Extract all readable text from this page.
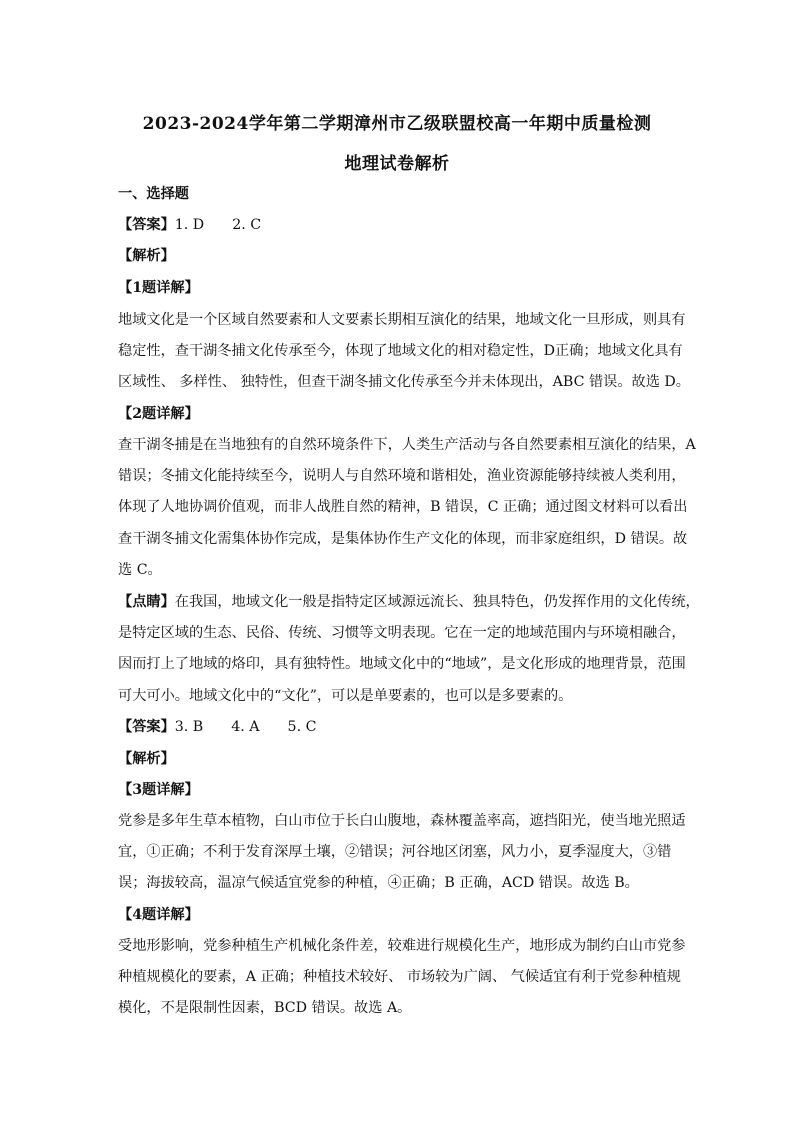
2023-2024学年第二学期漳州市乙级联盟校高一年期中质量检测
地理试卷解析
一、选择题
【答案】1. D 2. C
【解析】
【1题详解】
地域文化是一个区域自然要素和人文要素长期相互演化的结果，地域文化一旦形成，则具有
稳定性，查干湖冬捕文化传承至今，体现了地域文化的相对稳定性，D正确；地域文化具有
区域性、 多样性、 独特性，但查干湖冬捕文化传承至今并未体现出，ABC 错误。故选 D。
【2题详解】
查干湖冬捕是在当地独有的自然环境条件下，人类生产活动与各自然要素相互演化的结果，A
错误；冬捕文化能持续至今，说明人与自然环境和谐相处，渔业资源能够持续被人类利用，
体现了人地协调价值观，而非人战胜自然的精神，B 错误，C 正确；通过图文材料可以看出
查干湖冬捕文化需集体协作完成，是集体协作生产文化的体现，而非家庭组织，D 错误。故
选 C。
【点睛】在我国，地域文化一般是指特定区域源远流长、独具特色，仍发挥作用的文化传统，
是特定区域的生态、民俗、传统、习惯等文明表现。它在一定的地域范围内与环境相融合，
因而打上了地域的烙印，具有独特性。地域文化中的“地域”，是文化形成的地理背景，范围
可大可小。地域文化中的“文化”，可以是单要素的，也可以是多要素的。
【答案】3. B 4. A 5. C
【解析】
【3题详解】
党参是多年生草本植物，白山市位于长白山腹地，森林覆盖率高，遮挡阳光，使当地光照适
宜，①正确；不利于发育深厚土壤，②错误；河谷地区闭塞，风力小，夏季湿度大，③错
误；海拔较高，温凉气候适宜党参的种植，④正确；B 正确，ACD 错误。故选 B。
【4题详解】
受地形影响，党参种植生产机械化条件差，较难进行规模化生产，地形成为制约白山市党参
种植规模化的要素，A 正确；种植技术较好、 市场较为广阔、 气候适宜有利于党参种植规
模化，不是限制性因素，BCD 错误。故选 A。
